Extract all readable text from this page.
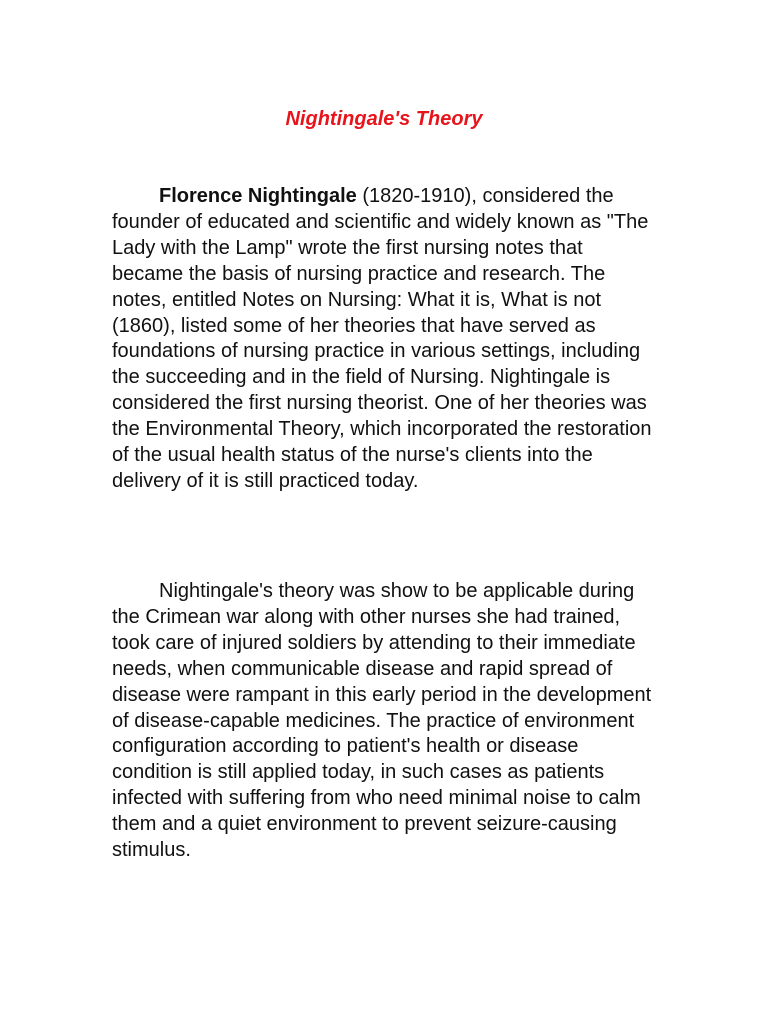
Nightingale's Theory

Florence Nightingale (1820-1910), considered the founder of educated and scientific and widely known as "The Lady with the Lamp" wrote the first nursing notes that became the basis of nursing practice and research. The notes, entitled Notes on Nursing: What it is, What is not (1860), listed some of her theories that have served as foundations of nursing practice in various settings, including the succeeding and in the field of Nursing. Nightingale is considered the first nursing theorist. One of her theories was the Environmental Theory, which incorporated the restoration of the usual health status of the nurse's clients into the delivery of it is still practiced today.

Nightingale's theory was show to be applicable during the Crimean war along with other nurses she had trained, took care of injured soldiers by attending to their immediate needs, when communicable disease and rapid spread of disease were rampant in this early period in the development of disease-capable medicines. The practice of environment configuration according to patient's health or disease condition is still applied today, in such cases as patients infected with suffering from who need minimal noise to calm them and a quiet environment to prevent seizure-causing stimulus.
